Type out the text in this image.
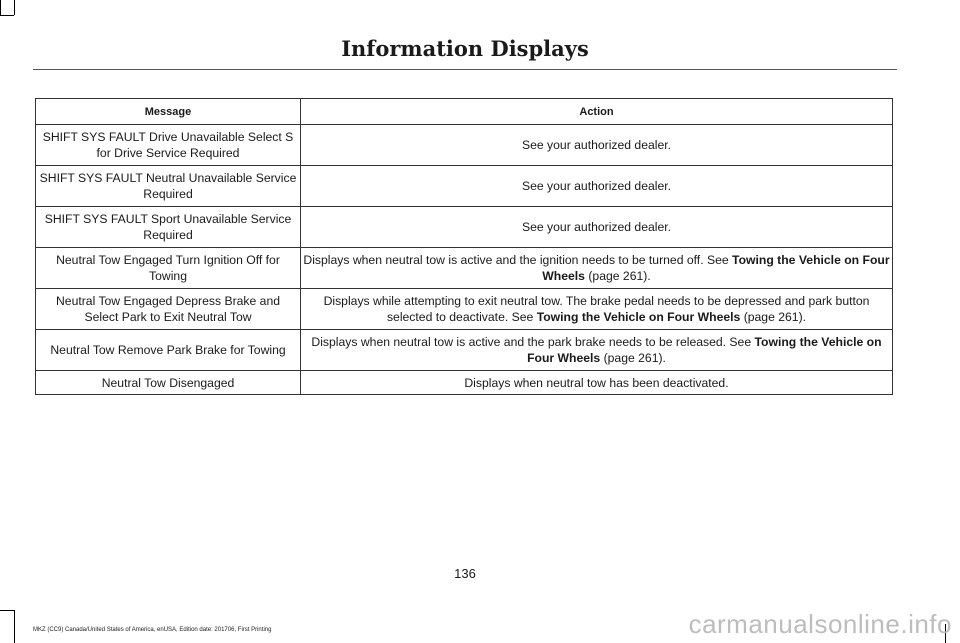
Information Displays
Message	Action
SHIFT SYS FAULT Drive Unavailable Select S for Drive Service Required	See your authorized dealer.
SHIFT SYS FAULT Neutral Unavailable Service Required	See your authorized dealer.
SHIFT SYS FAULT Sport Unavailable Service Required	See your authorized dealer.
Neutral Tow Engaged Turn Ignition Off for Towing	Displays when neutral tow is active and the ignition needs to be turned off. See Towing the Vehicle on Four Wheels (page 261).
Neutral Tow Engaged Depress Brake and Select Park to Exit Neutral Tow	Displays while attempting to exit neutral tow. The brake pedal needs to be depressed and park button selected to deactivate. See Towing the Vehicle on Four Wheels (page 261).
Neutral Tow Remove Park Brake for Towing	Displays when neutral tow is active and the park brake needs to be released. See Towing the Vehicle on Four Wheels (page 261).
Neutral Tow Disengaged	Displays when neutral tow has been deactivated.
136
MKZ (CC9) Canada/United States of America, enUSA, Edition date: 201706, First Printing	carmanualsonline.info
